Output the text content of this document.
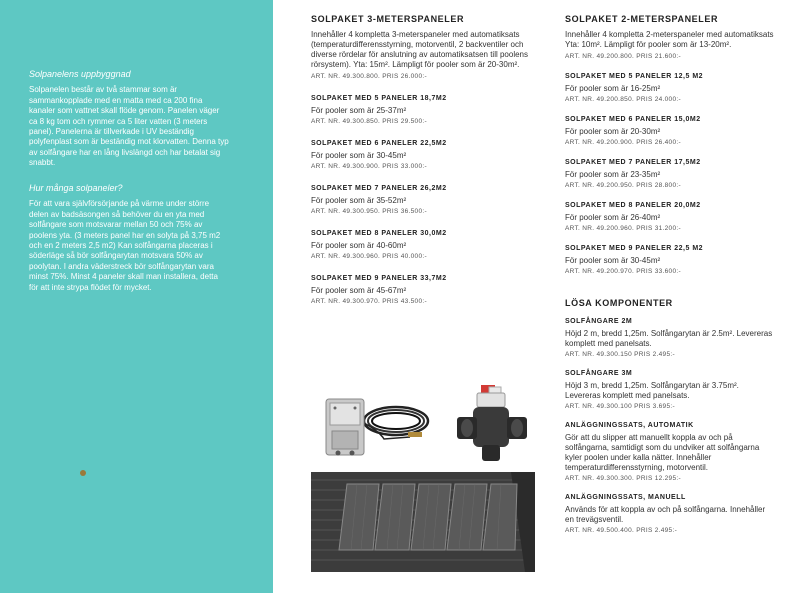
Solpanelens uppbyggnad

Solpanelen består av två stammar som är sammankopplade med en matta med ca 200 fina kanaler som vattnet skall flöde genom. Panelen väger ca 8 kg tom och rymmer ca 5 liter vatten (3 meters panel). Panelerna är tillverkade i UV beständig polyfenplast som är beständig mot klorvatten. Denna typ av solfångare har en lång livslängd och har betalat sig snabbt.

Hur många solpaneler?

För att vara självförsörjande på värme under större delen av badsäsongen så behöver du en yta med solfångare som motsvarar mellan 50 och 75% av poolens yta. (3 meters panel har en solyta på 3,75 m2 och en 2 meters 2,5 m2) Kan solfångarna placeras i söderläge så bör solfångarytan motsvara 50% av poolytan. I andra väderstreck bör solfångarytan vara minst 75%. Minst 4 paneler skall man installera, detta för att inte strypa flödet för mycket.

SOLPAKET 3-METERSPANELER

Innehåller 4 kompletta 3-meterspaneler med automatiksats (temperaturdifferensstyrning, motorventil, 2 backventiler och diverse rördelar för anslutning av automatiksatsen till poolens rörsystem). Yta: 15m². Lämpligt för pooler som är 20-30m².

ART. NR. 49.300.800. PRIS 26.000:-
SOLPAKET MED 5 PANELER 18,7M2

För pooler som är 25-37m²

ART. NR. 49.300.850. PRIS 29.500:-
SOLPAKET MED 6 PANELER 22,5M2

För pooler som är 30-45m²

ART. NR. 49.300.900. PRIS 33.000:-
SOLPAKET MED 7 PANELER 26,2M2

För pooler som är 35-52m²

ART. NR. 49.300.950. PRIS 36.500:-
SOLPAKET MED 8 PANELER 30,0M2

För pooler som är 40-60m²

ART. NR. 49.300.960. PRIS 40.000:-
SOLPAKET MED 9 PANELER 33,7M2

För pooler som är 45-67m²

ART. NR. 49.300.970. PRIS 43.500:-
SOLPAKET 2-METERSPANELER

Innehåller 4 kompletta 2-meterspaneler med automatiksats Yta: 10m². Lämpligt för pooler som är 13-20m².

ART. NR. 49.200.800. PRIS 21.600:-
SOLPAKET MED 5 PANELER 12,5 M2

För pooler som är 16-25m²

ART. NR. 49.200.850. PRIS 24.000:-
SOLPAKET MED 6 PANELER 15,0M2

För pooler som är 20-30m²

ART. NR. 49.200.900. PRIS 26.400:-
SOLPAKET MED 7 PANELER 17,5M2

För pooler som är 23-35m²

ART. NR. 49.200.950. PRIS 28.800:-
SOLPAKET MED 8 PANELER 20,0M2

För pooler som är 26-40m²

ART. NR. 49.200.960. PRIS 31.200:-
SOLPAKET MED 9 PANELER 22,5 M2

För pooler som är 30-45m²

ART. NR. 49.200.970. PRIS 33.600:-
LÖSA KOMPONENTER
SOLFÅNGARE 2M

Höjd 2 m, bredd 1,25m. Solfångarytan är 2.5m². Levereras komplett med panelsats.

ART. NR. 49.300.150 PRIS 2.495:-
SOLFÅNGARE 3M

Höjd 3 m, bredd 1,25m. Solfångarytan är 3.75m². Levereras komplett med panelsats.

ART. NR. 49.300.100 PRIS 3.695:-
ANLÄGGNINGSSATS, AUTOMATIK

Gör att du slipper att manuellt koppla av och på solfångarna, samtidigt som du undviker att solfångarna kyler poolen under kalla nätter. Innehåller temperaturdifferensstyrning, motorventil.

ART. NR. 49.300.300. PRIS 12.295:-
ANLÄGGNINGSSATS, MANUELL

Används för att koppla av och på solfångarna. Innehåller en trevägsventil.

ART. NR. 49.500.400. PRIS 2.495:-
